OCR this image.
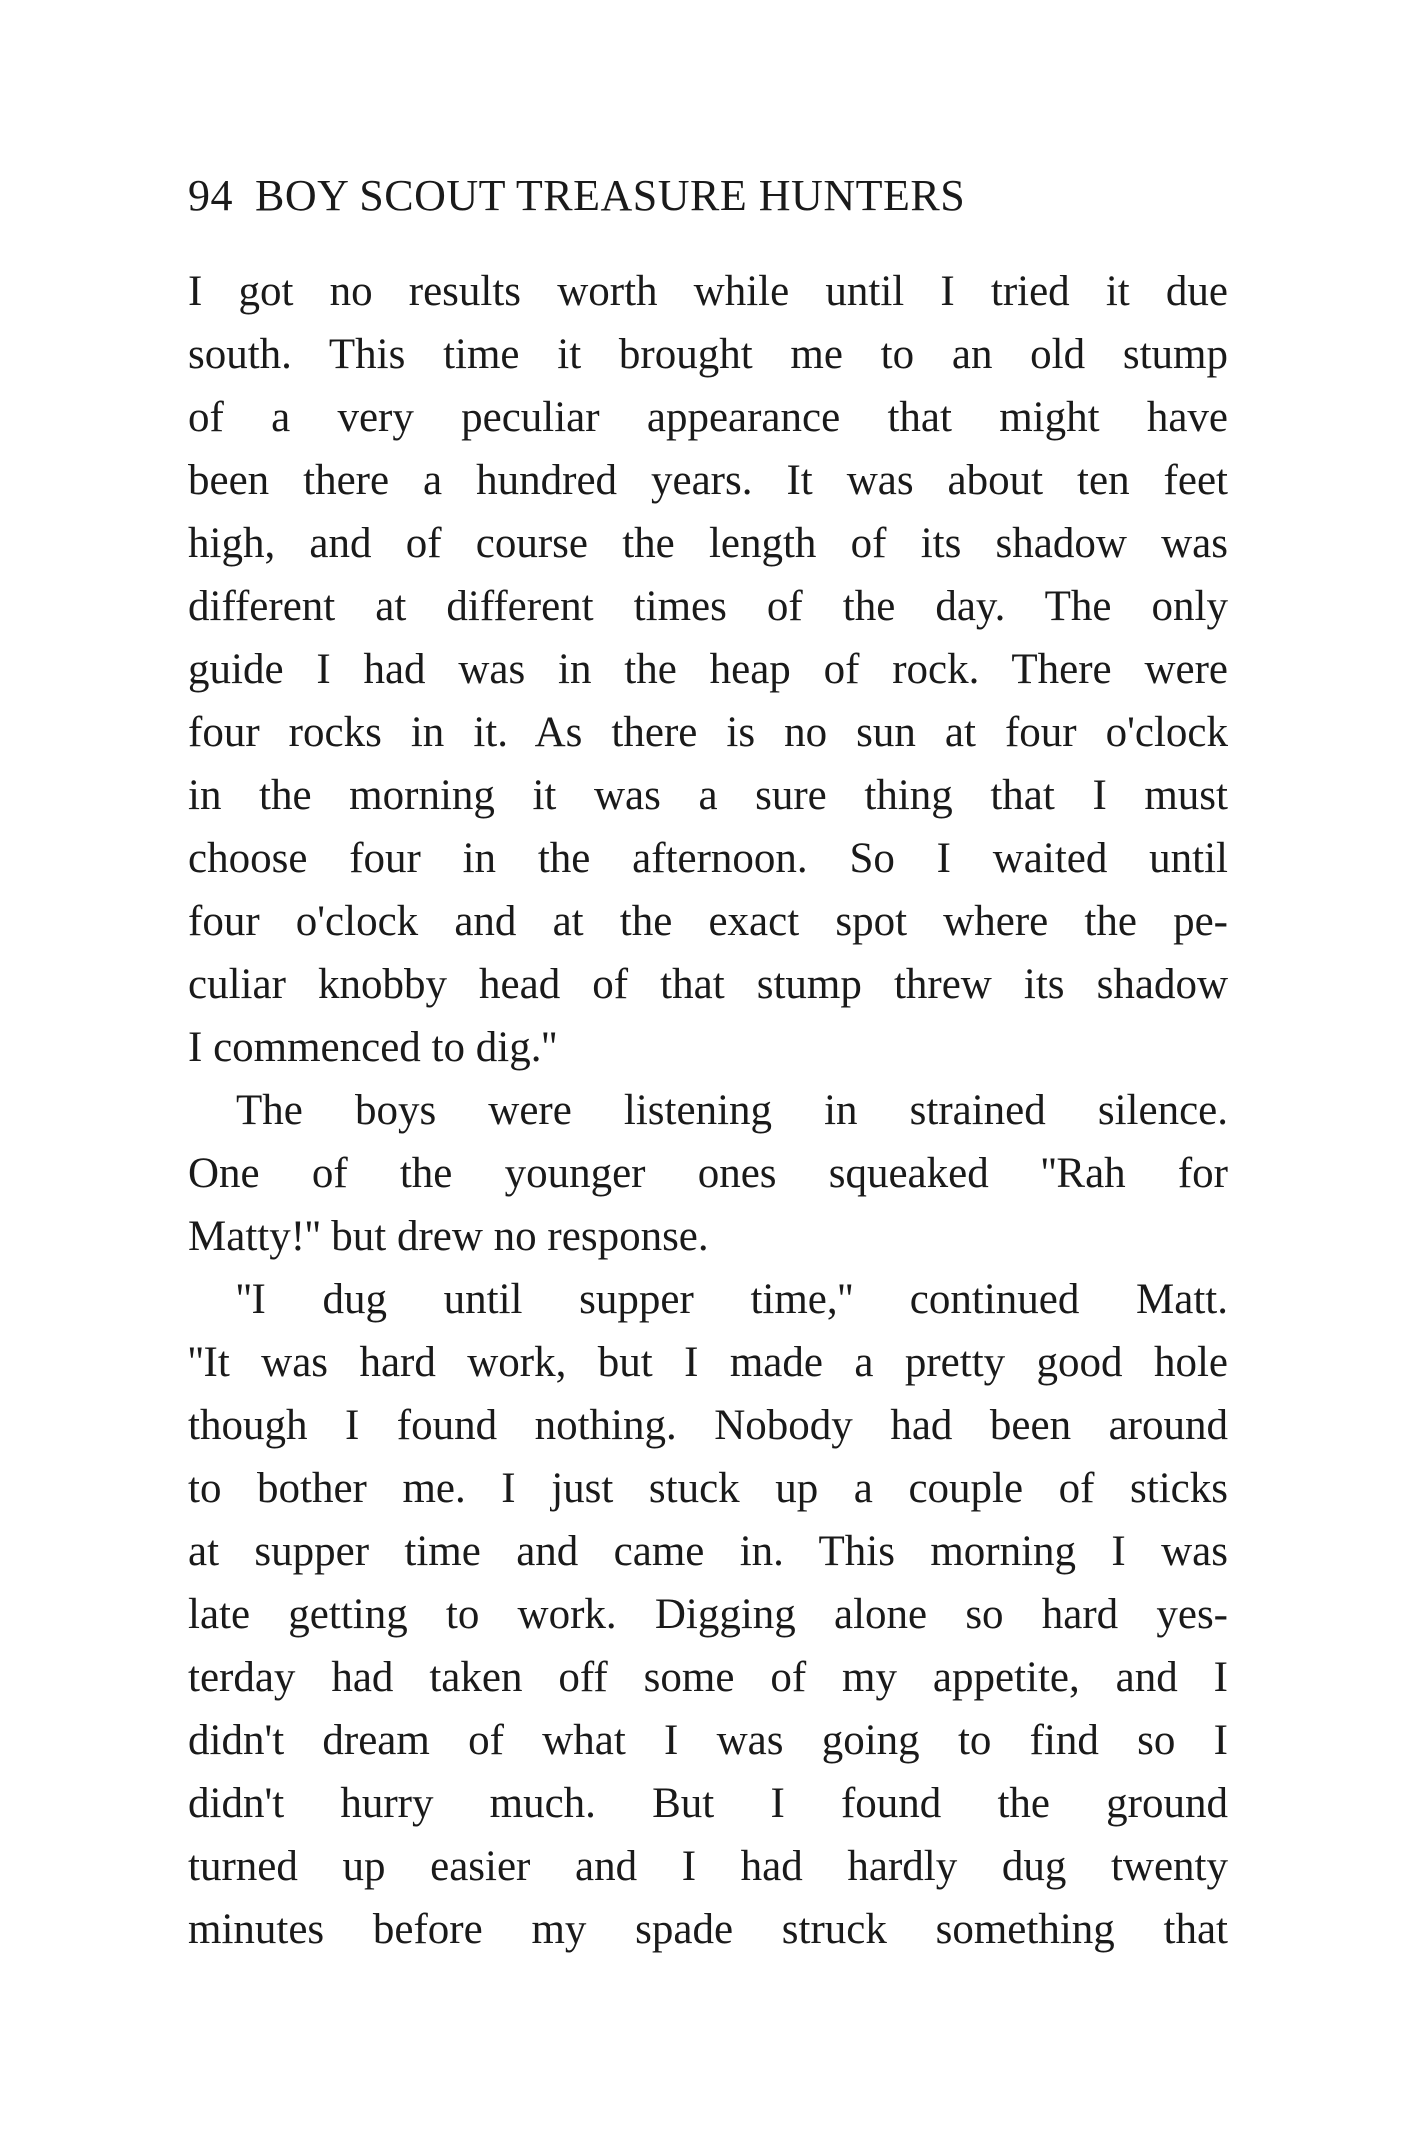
94 BOY SCOUT TREASURE HUNTERS
I got no results worth while until I tried it due
south. This time it brought me to an old stump
of a very peculiar appearance that might have
been there a hundred years. It was about ten feet
high, and of course the length of its shadow was
different at different times of the day. The only
guide I had was in the heap of rock. There were
four rocks in it. As there is no sun at four o'clock
in the morning it was a sure thing that I must
choose four in the afternoon. So I waited until
four o'clock and at the exact spot where the pe-
culiar knobby head of that stump threw its shadow
I commenced to dig.''
The boys were listening in strained silence.
One of the younger ones squeaked ''Rah for
Matty!'' but drew no response.
''I dug until supper time,'' continued Matt.
''It was hard work, but I made a pretty good hole
though I found nothing. Nobody had been around
to bother me. I just stuck up a couple of sticks
at supper time and came in. This morning I was
late getting to work. Digging alone so hard yes-
terday had taken off some of my appetite, and I
didn't dream of what I was going to find so I
didn't hurry much. But I found the ground
turned up easier and I had hardly dug twenty
minutes before my spade struck something that
